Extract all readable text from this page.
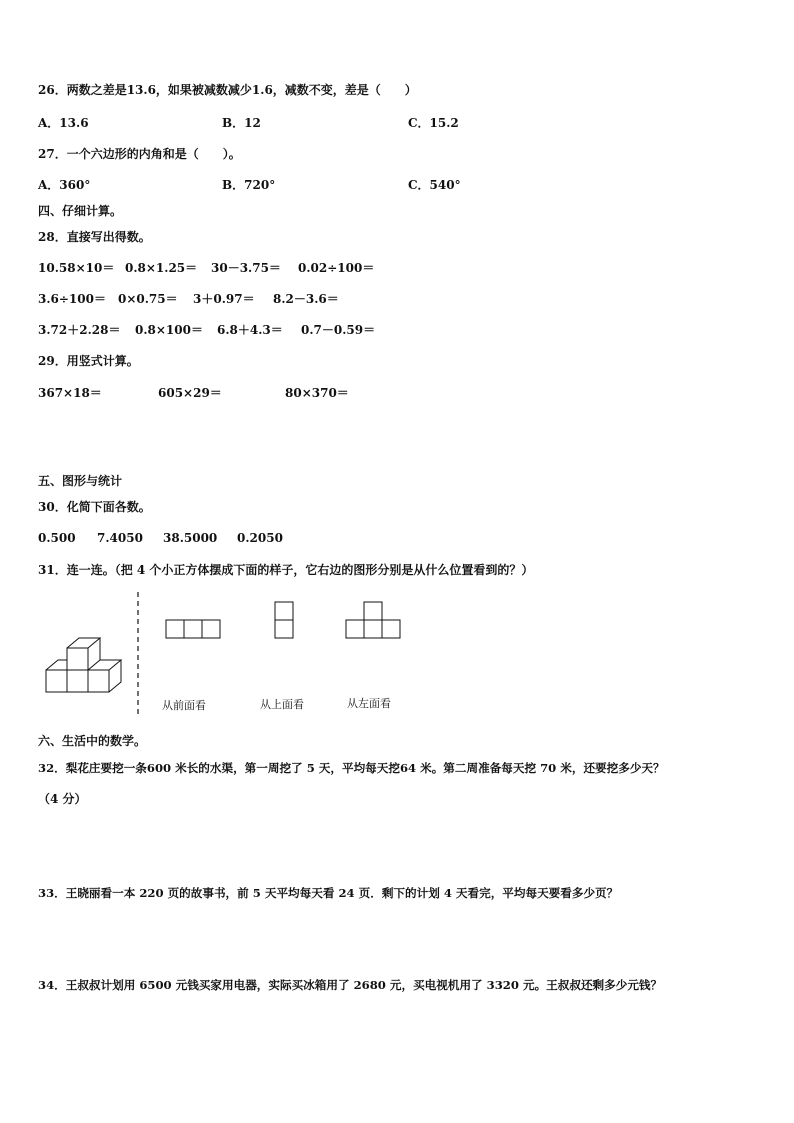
26．两数之差是13.6，如果被减数减少1.6，减数不变，差是（　　）
A．13.6	B．12	C．15.2
27．一个六边形的内角和是（　　）。
A．360°	B．720°	C．540°
四、仔细计算。
28．直接写出得数。
10.58×10＝ 0.8×1.25＝ 30－3.75＝ 0.02÷100＝
3.6÷100＝ 0×0.75＝ 3＋0.97＝ 8.2－3.6＝
3.72＋2.28＝ 0.8×100＝ 6.8＋4.3＝ 0.7－0.59＝
29．用竖式计算。
367×18＝	605×29＝	80×370＝
五、图形与统计
30．化简下面各数。
0.500 7.4050 38.5000 0.2050
31．连一连。（把 4 个小正方体摆成下面的样子，它右边的图形分别是从什么位置看到的？）
从前面看	从上面看	从左面看
六、生活中的数学。
32．梨花庄要挖一条600 米长的水渠，第一周挖了 5 天，平均每天挖64 米。第二周准备每天挖 70 米，还要挖多少天？
（4 分）
33．王晓丽看一本 220 页的故事书，前 5 天平均每天看 24 页．剩下的计划 4 天看完，平均每天要看多少页？
34．王叔叔计划用 6500 元钱买家用电器，实际买冰箱用了 2680 元，买电视机用了 3320 元。王叔叔还剩多少元钱？
